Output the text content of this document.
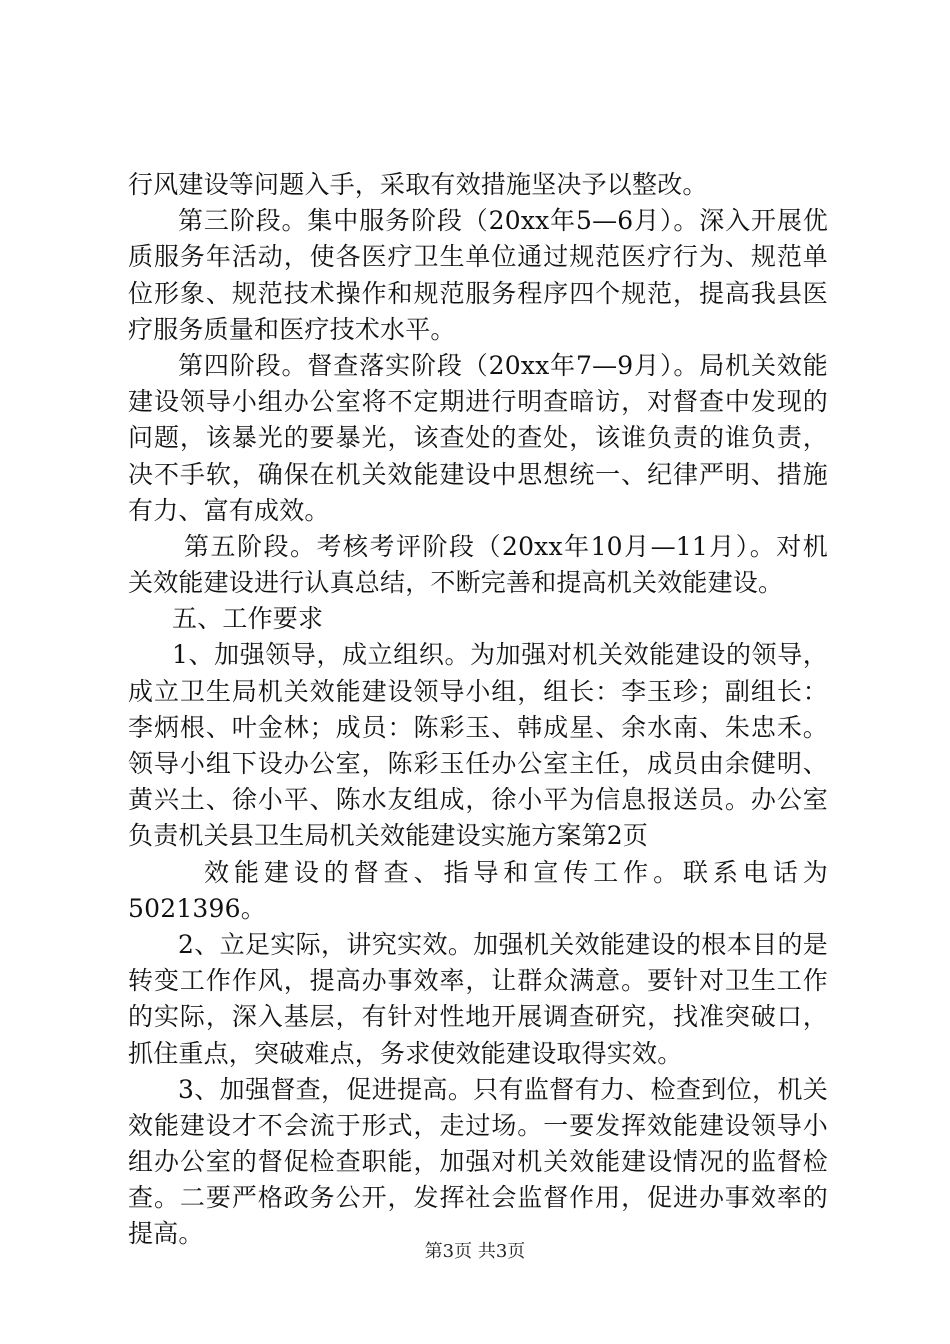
行风建设等问题入手，采取有效措施坚决予以整改。
第三阶段。集中服务阶段（20xx年5—6月）。深入开展优
质服务年活动，使各医疗卫生单位通过规范医疗行为、规范单
位形象、规范技术操作和规范服务程序四个规范，提高我县医
疗服务质量和医疗技术水平。
第四阶段。督查落实阶段（20xx年7—9月）。局机关效能
建设领导小组办公室将不定期进行明查暗访，对督查中发现的
问题，该暴光的要暴光，该查处的查处，该谁负责的谁负责，
决不手软，确保在机关效能建设中思想统一、纪律严明、措施
有力、富有成效。
第五阶段。考核考评阶段（20xx年10月—11月）。对机
关效能建设进行认真总结，不断完善和提高机关效能建设。
五、工作要求
1、加强领导，成立组织。为加强对机关效能建设的领导，
成立卫生局机关效能建设领导小组，组长：李玉珍；副组长：
李炳根、叶金林；成员：陈彩玉、韩成星、余水南、朱忠禾。
领导小组下设办公室，陈彩玉任办公室主任，成员由余健明、
黄兴土、徐小平、陈水友组成，徐小平为信息报送员。办公室
负责机关县卫生局机关效能建设实施方案第2页
效能建设的督查、指导和宣传工作。联系电话为
5021396。
2、立足实际，讲究实效。加强机关效能建设的根本目的是
转变工作作风，提高办事效率，让群众满意。要针对卫生工作
的实际，深入基层，有针对性地开展调查研究，找准突破口，
抓住重点，突破难点，务求使效能建设取得实效。
3、加强督查，促进提高。只有监督有力、检查到位，机关
效能建设才不会流于形式，走过场。一要发挥效能建设领导小
组办公室的督促检查职能，加强对机关效能建设情况的监督检
查。二要严格政务公开，发挥社会监督作用，促进办事效率的
提高。
第3页 共3页
